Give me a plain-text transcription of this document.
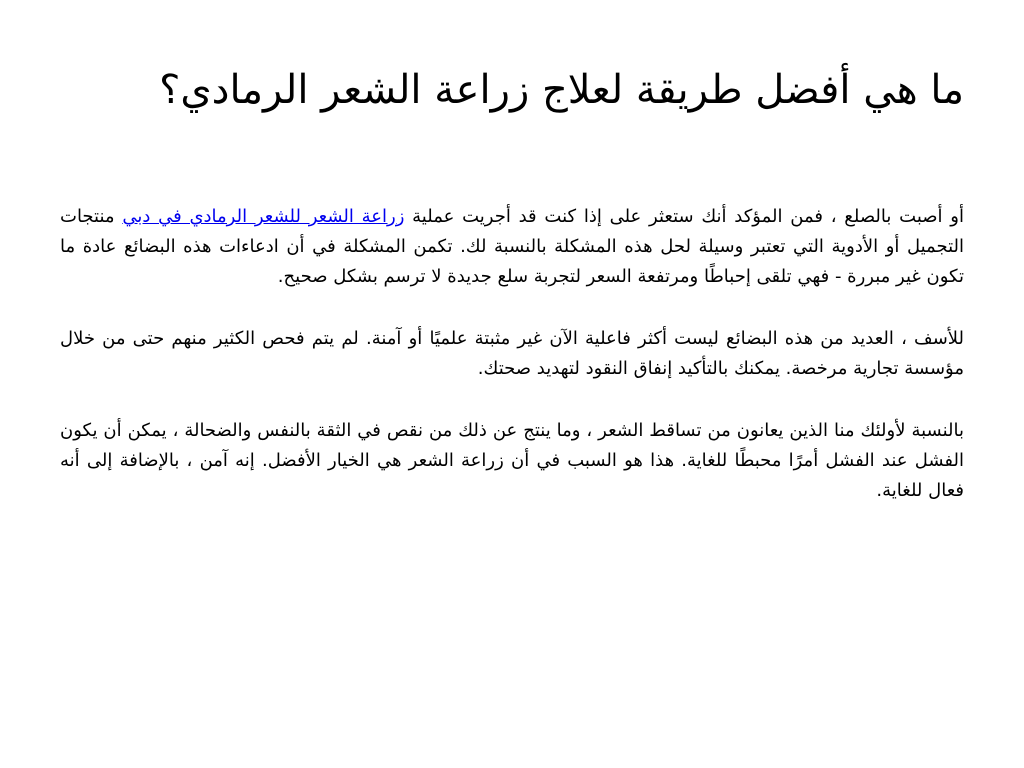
ما هي أفضل طريقة لعلاج زراعة الشعر الرمادي؟

أو أصبت بالصلع ، فمن المؤكد أنك ستعثر على إذا كنت قد أجريت عملية زراعة الشعر للشعر الرمادي في دبي منتجات التجميل أو الأدوية التي تعتبر وسيلة لحل هذه المشكلة بالنسبة لك. تكمن المشكلة في أن ادعاءات هذه البضائع عادة ما تكون غير مبررة - فهي تلقى إحباطًا ومرتفعة السعر لتجربة سلع جديدة لا ترسم بشكل صحيح.

للأسف ، العديد من هذه البضائع ليست أكثر فاعلية الآن غير مثبتة علميًا أو آمنة. لم يتم فحص الكثير منهم حتى من خلال مؤسسة تجارية مرخصة. يمكنك بالتأكيد إنفاق النقود لتهديد صحتك.

بالنسبة لأولئك منا الذين يعانون من تساقط الشعر ، وما ينتج عن ذلك من نقص في الثقة بالنفس والضحالة ، يمكن أن يكون الفشل عند الفشل أمرًا محبطًا للغاية. هذا هو السبب في أن زراعة الشعر هي الخيار الأفضل. إنه آمن ، بالإضافة إلى أنه فعال للغاية.
